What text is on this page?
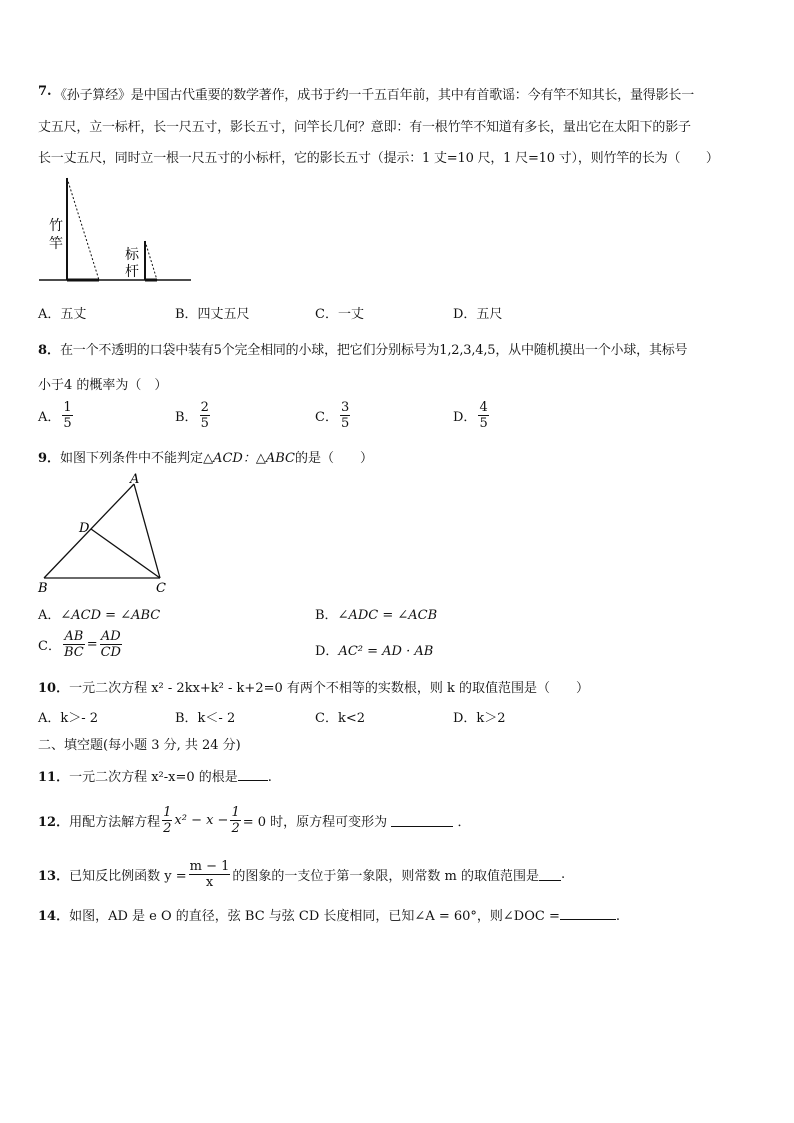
7. 《孙子算经》是中国古代重要的数学著作，成书于约一千五百年前，其中有首歌谣：今有竿不知其长，量得影长一
丈五尺，立一标杆，长一尺五寸，影长五寸，问竿长几何？意即：有一根竹竿不知道有多长，量出它在太阳下的影子
长一丈五尺，同时立一根一尺五寸的小标杆，它的影长五寸（提示：1 丈=10 尺，1 尺=10 寸），则竹竿的长为（　　）
竹
竿
标
杆
A．五丈	B．四丈五尺	C．一丈	D．五尺
8． 在一个不透明的口袋中装有5个完全相同的小球，把它们分别标号为1,2,3,4,5，从中随机摸出一个小球，其标号
小于4 的概率为（　）
A． $\frac{1}{5}$	B． $\frac{2}{5}$	C． $\frac{3}{5}$	D． $\frac{4}{5}$
9．如图下列条件中不能判定△ACD：△ABC的是（　　）
A
B	C
D
A．∠ACD = ∠ABC	B．∠ADC = ∠ACB
C． $\frac{AB}{BC} = \frac{AD}{CD}$	D．AC² = AD · AB
10．一元二次方程 x² - 2kx+k² - k+2=0 有两个不相等的实数根，则 k 的取值范围是（　　）
A．k＞- 2	B．k＜- 2	C．k<2	D．k＞2
二、填空题(每小题 3 分, 共 24 分)
11．一元二次方程 x²-x=0 的根是 .
12．用配方法解方程 $\frac{1}{2} x^2 - x - \frac{1}{2} = 0$ 时，原方程可变形为	．
13．已知反比例函数 $y = \frac{m - 1}{x}$ 的图象的一支位于第一象限，则常数 m 的取值范围是 .
14．如图，AD 是 e O 的直径，弦 BC 与弦 CD 长度相同，已知∠A = 60°，则∠DOC =	.
